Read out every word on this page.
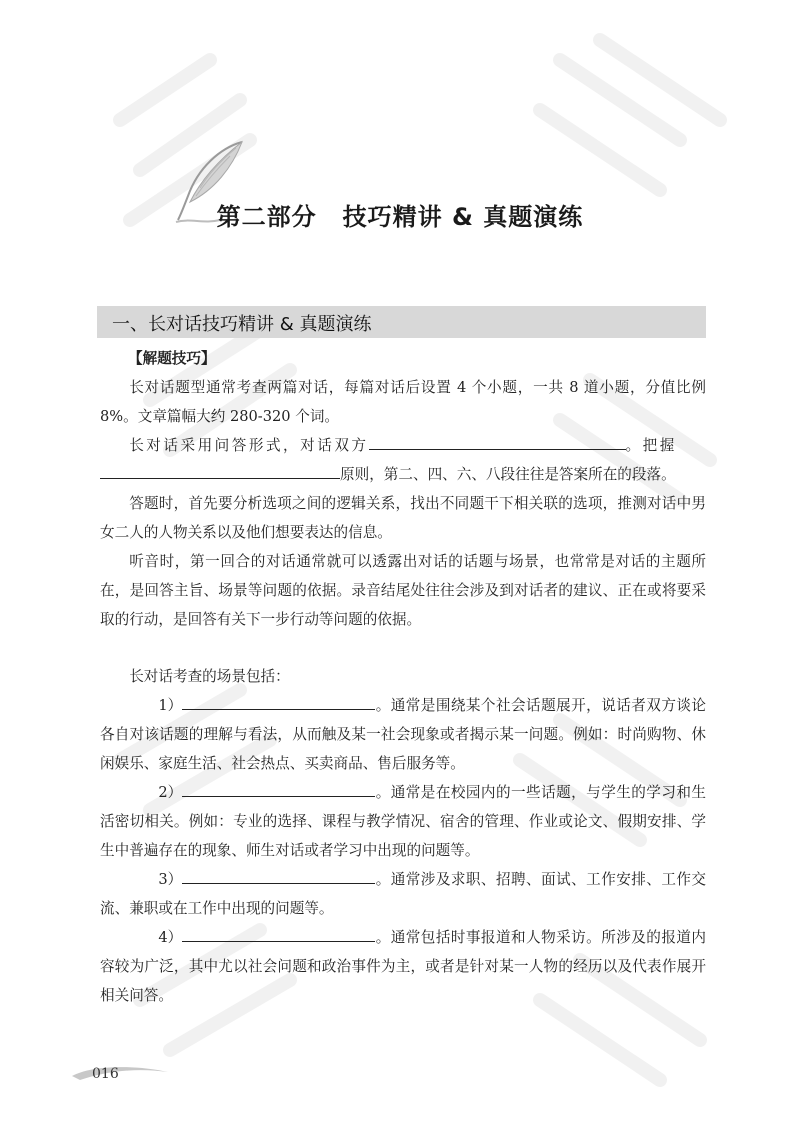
第二部分 技巧精讲 & 真题演练
一、长对话技巧精讲 & 真题演练

【解题技巧】

长对话题型通常考查两篇对话，每篇对话后设置 4 个小题，一共 8 道小题，分值比例 8%。文章篇幅大约 280-320 个词。

长对话采用问答形式，对话双方	。把握
原则，第二、四、六、八段往往是答案所在的段落。

答题时，首先要分析选项之间的逻辑关系，找出不同题干下相关联的选项，推测对话中男女二人的人物关系以及他们想要表达的信息。

听音时，第一回合的对话通常就可以透露出对话的话题与场景，也常常是对话的主题所在，是回答主旨、场景等问题的依据。录音结尾处往往会涉及到对话者的建议、正在或将要采取的行动，是回答有关下一步行动等问题的依据。

长对话考查的场景包括：

1）	。通常是围绕某个社会话题展开，说话者双方谈论各自对该话题的理解与看法，从而触及某一社会现象或者揭示某一问题。例如：时尚购物、休闲娱乐、家庭生活、社会热点、买卖商品、售后服务等。

2）	。通常是在校园内的一些话题，与学生的学习和生活密切相关。例如：专业的选择、课程与教学情况、宿舍的管理、作业或论文、假期安排、学生中普遍存在的现象、师生对话或者学习中出现的问题等。

3）	。通常涉及求职、招聘、面试、工作安排、工作交流、兼职或在工作中出现的问题等。

4）	。通常包括时事报道和人物采访。所涉及的报道内容较为广泛，其中尤以社会问题和政治事件为主，或者是针对某一人物的经历以及代表作展开相关问答。

016
